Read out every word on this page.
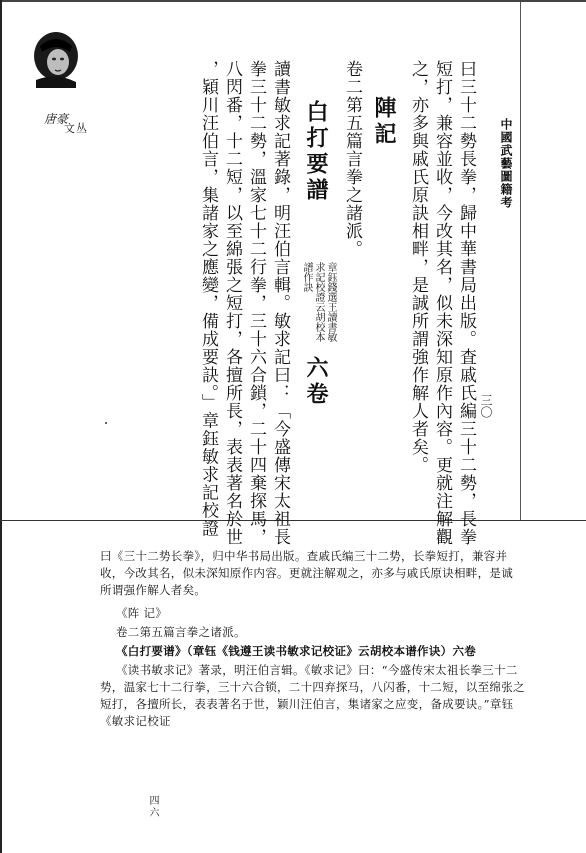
唐豪
文丛	中國武藝圖籍考
三〇
曰三十二勢長拳，歸中華書局出版。査戚氏編三十二勢，長拳
短打，兼容並收，今改其名，似未深知原作內容。更就注解觀
之，亦多與戚氏原訣相畔，是誠所謂強作解人者矣。
陣記
卷二第五篇言拳之諸派。
白打要譜
章鈺錢選王讀書敏求記校證云胡校本譜作訣
六卷
讀書敏求記著錄，明汪伯言輯。敏求記曰：「今盛傳宋太祖長
拳三十二勢，溫家七十二行拳，三十六合鎖，二十四棄探馬，
八閃番，十二短，以至綿張之短打，各擅所長，表表著名於世
，穎川汪伯言，集諸家之應變，備成要訣。」章鈺敏求記校證
曰《三十二势长拳》，归中华书局出版。查戚氏编三十二势，长拳短打，兼容并
收，今改其名，似未深知原作内容。更就注解观之，亦多与戚氏原诀相畔，是诚
所谓强作解人者矣。
《阵 记》
卷二第五篇言拳之诸派。
《白打要谱》（章钰《钱遵王读书敏求记校证》云胡校本谱作诀）六卷
《读书敏求记》著录，明汪伯言辑。《敏求记》曰：“今盛传宋太祖长拳三十二
势，温家七十二行拳，三十六合锁，二十四弃探马，八闪番，十二短，以至绵张之
短打，各擅所长，表表著名于世，颖川汪伯言，集诸家之应变，备成要诀。”章钰
《敏求记校证
四六
